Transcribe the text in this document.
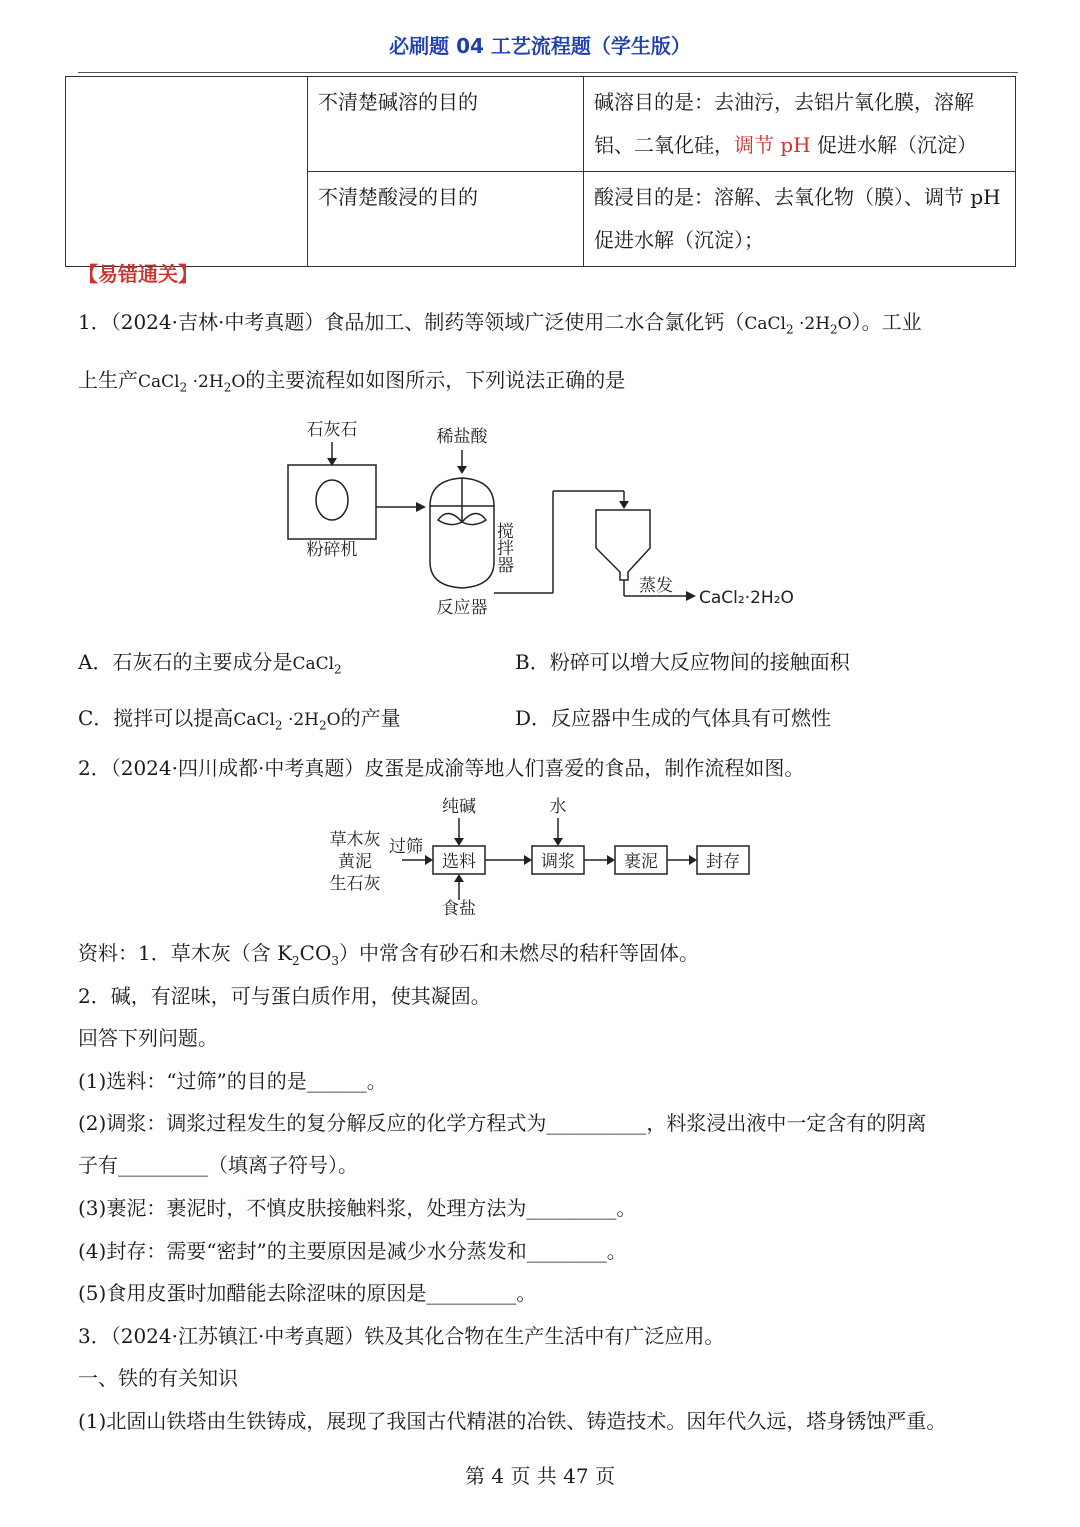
必刷题 04 工艺流程题（学生版）
	不清楚碱溶的目的	碱溶目的是：去油污，去铝片氧化膜，溶解铝、二氧化硅，调节 pH 促进水解（沉淀）
	不清楚酸浸的目的	酸浸目的是：溶解、去氧化物（膜）、调节 pH 促进水解（沉淀）；
【易错通关】
1．（2024·吉林·中考真题）食品加工、制药等领域广泛使用二水合氯化钙（CaCl$_2$ $\cdot 2H_2O$）。工业
上生产CaCl$_2$ $\cdot 2H_2O$的主要流程如如图所示，下列说法正确的是
石灰石	稀盐酸
粉碎机
反应器
搅拌器
蒸发
CaCl₂·2H₂O
A．石灰石的主要成分是CaCl$_2$	B．粉碎可以增大反应物间的接触面积
C．搅拌可以提高CaCl$_2$ $\cdot 2H_2O$的产量	D．反应器中生成的气体具有可燃性
2．（2024·四川成都·中考真题）皮蛋是成渝等地人们喜爱的食品，制作流程如图。
草木灰
黄泥
生石灰
过筛
纯碱	水
食盐
选料	调浆	裹泥	封存
资料：1．草木灰（含 $K_2CO_3$）中常含有砂石和未燃尽的秸秆等固体。
2．碱，有涩味，可与蛋白质作用，使其凝固。
回答下列问题。
(1)选料：“过筛”的目的是______。
(2)调浆：调浆过程发生的复分解反应的化学方程式为__________，料浆浸出液中一定含有的阴离
子有_________（填离子符号）。
(3)裹泥：裹泥时，不慎皮肤接触料浆，处理方法为_________。
(4)封存：需要“密封”的主要原因是减少水分蒸发和________。
(5)食用皮蛋时加醋能去除涩味的原因是_________。
3．（2024·江苏镇江·中考真题）铁及其化合物在生产生活中有广泛应用。
一、铁的有关知识
(1)北固山铁塔由生铁铸成，展现了我国古代精湛的冶铁、铸造技术。因年代久远，塔身锈蚀严重。
第 4 页 共 47 页
